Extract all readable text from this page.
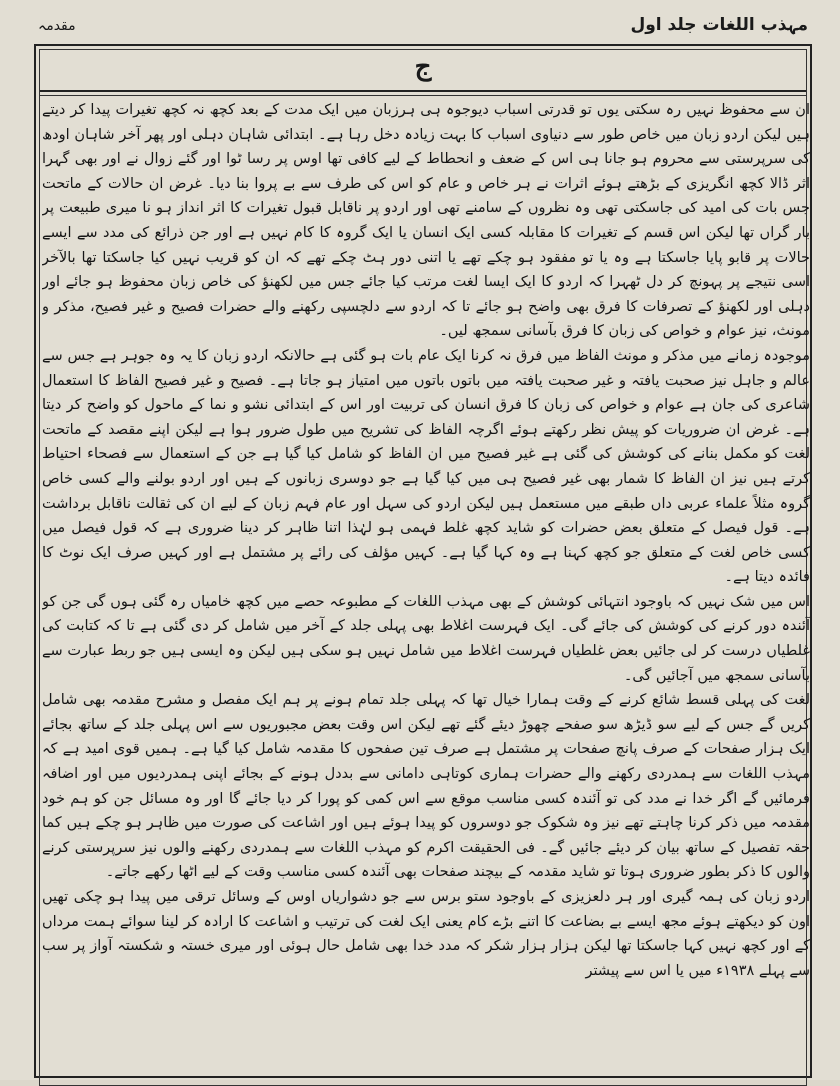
مہذب اللغات جلد اول
مقدمہ
ج

ان سے محفوظ نہیں رہ سکتی یوں تو قدرتی اسباب دیوجوہ ہی ہرزبان میں ایک مدت کے بعد کچھ نہ کچھ تغیرات پیدا کر دیتے ہیں لیکن اردو زبان میں خاص طور سے دنیاوی اسباب کا بہت زیادہ دخل رہا ہے۔ ابتدائی شاہان دہلی اور پھر آخر شاہان اودھ کی سرپرستی سے محروم ہو جانا ہی اس کے ضعف و انحطاط کے لیے کافی تھا اوس پر رسا ٹوا اور گئے زوال نے اور بھی گہرا اثر ڈالا کچھ انگریزی کے بڑھتے ہوئے اثرات نے ہر خاص و عام کو اس کی طرف سے بے پروا بنا دیا۔ غرض ان حالات کے ماتحت جس بات کی امید کی جاسکتی تھی وہ نظروں کے سامنے تھی اور اردو پر ناقابل قبول تغیرات کا اثر انداز ہو نا میری طبیعت پر بار گراں تھا لیکن اس قسم کے تغیرات کا مقابلہ کسی ایک انسان یا ایک گروہ کا کام نہیں ہے اور جن ذرائع کی مدد سے ایسے حالات پر قابو پایا جاسکتا ہے وہ یا تو مفقود ہو چکے تھے یا اتنی دور ہٹ چکے تھے کہ ان کو قریب نہیں کیا جاسکتا تھا بالآخر اسی نتیجے پر پہونچ کر دل ٹھہرا کہ اردو کا ایک ایسا لغت مرتب کیا جائے جس میں لکھنؤ کی خاص زبان محفوظ ہو جائے اور دہلی اور لکھنؤ کے تصرفات کا فرق بھی واضح ہو جائے تا کہ اردو سے دلچسپی رکھنے والے حضرات فصیح و غیر فصیح، مذکر و مونث، نیز عوام و خواص کی زبان کا فرق بآسانی سمجھ لیں۔

موجودہ زمانے میں مذکر و مونث الفاظ میں فرق نہ کرنا ایک عام بات ہو گئی ہے حالانکہ اردو زبان کا یہ وہ جوہر ہے جس سے عالم و جاہل نیز صحبت یافتہ و غیر صحبت یافتہ میں باتوں باتوں میں امتیاز ہو جاتا ہے۔ فصیح و غیر فصیح الفاظ کا استعمال شاعری کی جان ہے عوام و خواص کی زبان کا فرق انسان کی تربیت اور اس کے ابتدائی نشو و نما کے ماحول کو واضح کر دیتا ہے۔ غرض ان ضروریات کو پیش نظر رکھتے ہوئے اگرچہ الفاظ کی تشریح میں طول ضرور ہوا ہے لیکن اپنے مقصد کے ماتحت لغت کو مکمل بنانے کی کوشش کی گئی ہے غیر فصیح میں ان الفاظ کو شامل کیا گیا ہے جن کے استعمال سے فصحاء احتیاط کرتے ہیں نیز ان الفاظ کا شمار بھی غیر فصیح ہی میں کیا گیا ہے جو دوسری زبانوں کے ہیں اور اردو بولنے والے کسی خاص گروہ مثلاً علماء عربی داں طبقے میں مستعمل ہیں لیکن اردو کی سہل اور عام فہم زبان کے لیے ان کی ثقالت ناقابل برداشت ہے۔ قول فیصل کے متعلق بعض حضرات کو شاید کچھ غلط فہمی ہو لہٰذا اتنا ظاہر کر دینا ضروری ہے کہ قول فیصل میں کسی خاص لغت کے متعلق جو کچھ کہنا ہے وہ کہا گیا ہے۔ کہیں مؤلف کی رائے پر مشتمل ہے اور کہیں صرف ایک نوٹ کا فائدہ دیتا ہے۔

اس میں شک نہیں کہ باوجود انتہائی کوشش کے بھی مہذب اللغات کے مطبوعہ حصے میں کچھ خامیاں رہ گئی ہوں گی جن کو آئندہ دور کرنے کی کوشش کی جائے گی۔ ایک فہرست اغلاط بھی پہلی جلد کے آخر میں شامل کر دی گئی ہے تا کہ کتابت کی غلطیاں درست کر لی جائیں بعض غلطیاں فہرست اغلاط میں شامل نہیں ہو سکی ہیں لیکن وہ ایسی ہیں جو ربط عبارت سے بآسانی سمجھ میں آجائیں گی۔

لغت کی پہلی قسط شائع کرنے کے وقت ہمارا خیال تھا کہ پہلی جلد تمام ہونے پر ہم ایک مفصل و مشرح مقدمہ بھی شامل کریں گے جس کے لیے سو ڈیڑھ سو صفحے چھوڑ دیئے گئے تھے لیکن اس وقت بعض مجبوریوں سے اس پہلی جلد کے ساتھ بجائے ایک ہزار صفحات کے صرف پانچ صفحات پر مشتمل ہے صرف تین صفحوں کا مقدمہ شامل کیا گیا ہے۔ ہمیں قوی امید ہے کہ مہذب اللغات سے ہمدردی رکھنے والے حضرات ہماری کوتاہی دامانی سے بددل ہونے کے بجائے اپنی ہمدردیوں میں اور اضافہ فرمائیں گے اگر خدا نے مدد کی تو آئندہ کسی مناسب موقع سے اس کمی کو پورا کر دیا جائے گا اور وہ مسائل جن کو ہم خود مقدمہ میں ذکر کرنا چاہتے تھے نیز وہ شکوک جو دوسروں کو پیدا ہوئے ہیں اور اشاعت کی صورت میں ظاہر ہو چکے ہیں کما حقہ تفصیل کے ساتھ بیان کر دیئے جائیں گے۔ فی الحقیقت اکرم کو مہذب اللغات سے ہمدردی رکھنے والوں نیز سرپرستی کرنے والوں کا ذکر بطور ضروری ہوتا تو شاید مقدمہ کے بیچند صفحات بھی آئندہ کسی مناسب وقت کے لیے اٹھا رکھے جاتے۔

اردو زبان کی ہمہ گیری اور ہر دلعزیزی کے باوجود ستو برس سے جو دشواریاں اوس کے وسائل ترقی میں پیدا ہو چکی تھیں اون کو دیکھتے ہوئے مجھ ایسے بے بضاعت کا اتنے بڑے کام یعنی ایک لغت کی ترتیب و اشاعت کا ارادہ کر لینا سوائے ہمت مرداں کے اور کچھ نہیں کہا جاسکتا تھا لیکن ہزار ہزار شکر کہ مدد خدا بھی شامل حال ہوئی اور میری خستہ و شکستہ آواز پر سب سے پہلے ۱۹۳۸ء میں یا اس سے پیشتر
